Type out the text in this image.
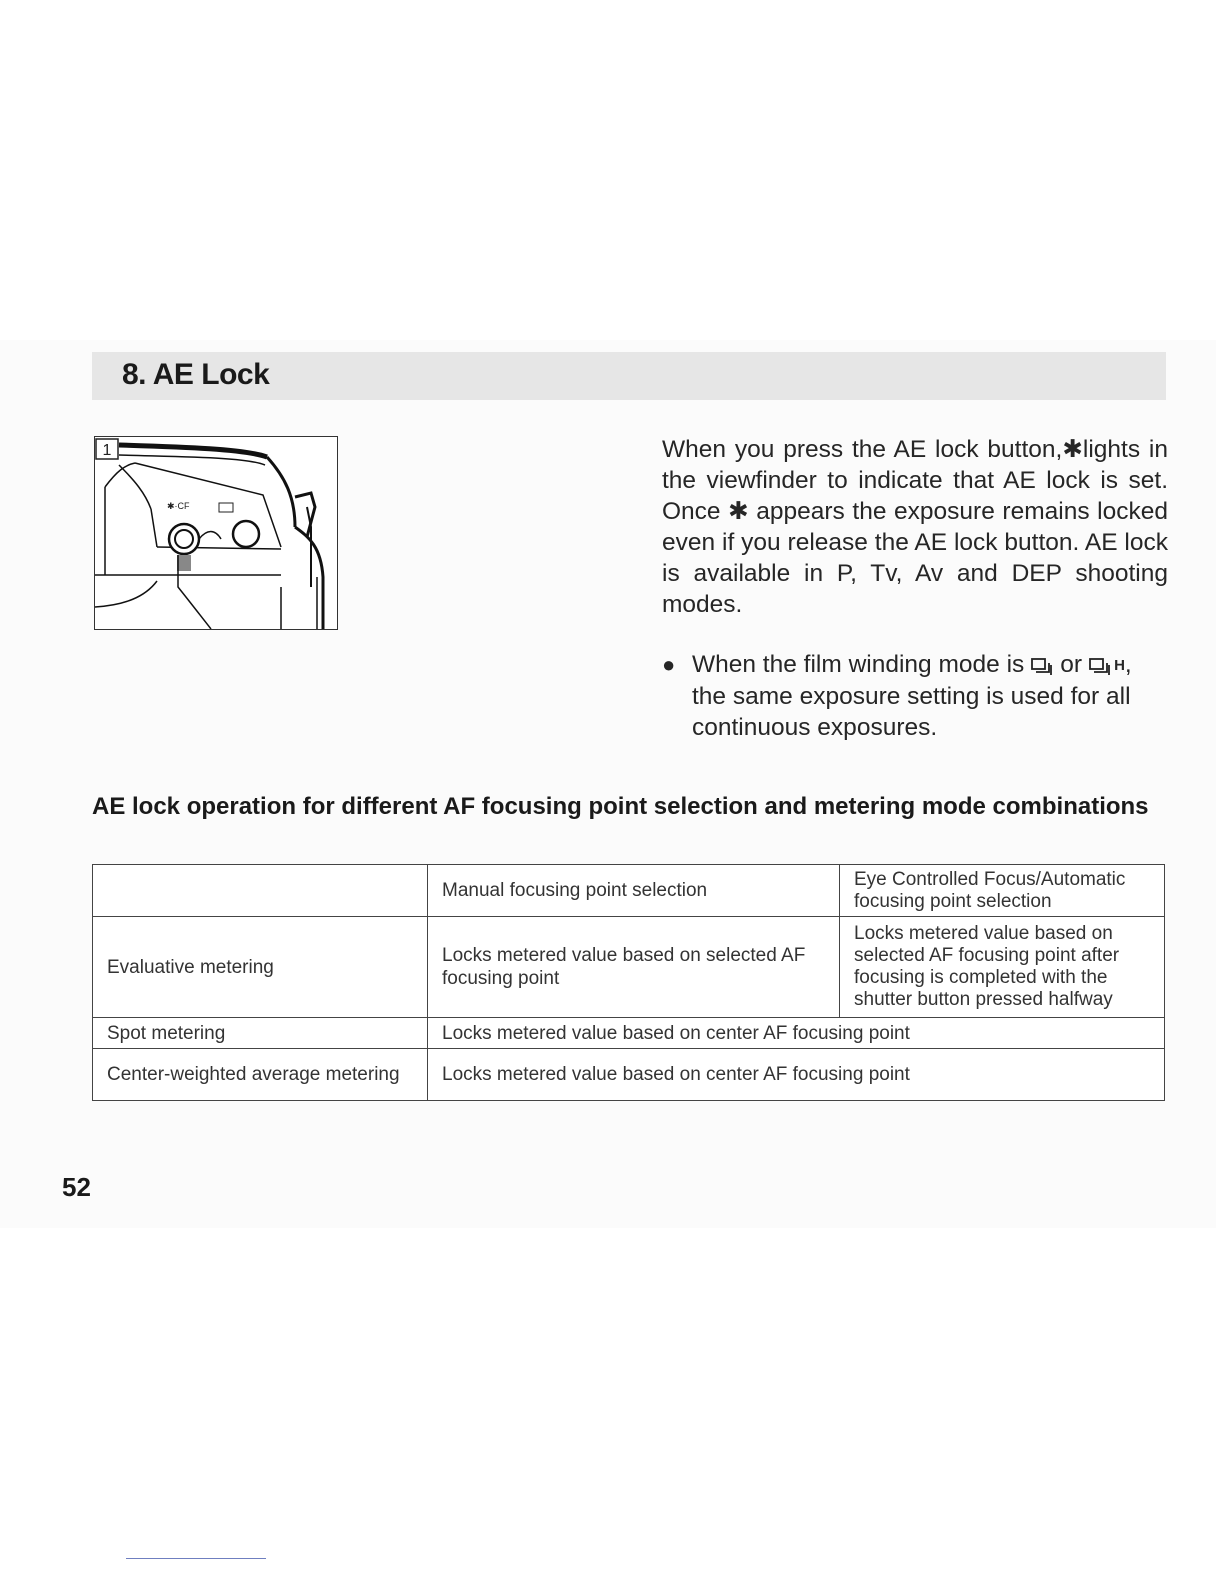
8. AE Lock
1
✱·CF

When you press the AE lock button,✱lights in the viewfinder to indicate that AE lock is set. Once ✱ appears the exposure remains locked even if you release the AE lock button. AE lock is available in P, Tv, Av and DEP shooting modes.

● When the film winding mode is or H, the same exposure setting is used for all continuous exposures.

AE lock operation for different AF focusing point selection and metering mode combinations
	Manual focusing point selection	Eye Controlled Focus/Automatic focusing point selection
Evaluative metering	Locks metered value based on selected AF focusing point	Locks metered value based on selected AF focusing point after focusing is completed with the shutter button pressed halfway
Spot metering	Locks metered value based on center AF focusing point	
Center-weighted average metering	Locks metered value based on center AF focusing point	
52
